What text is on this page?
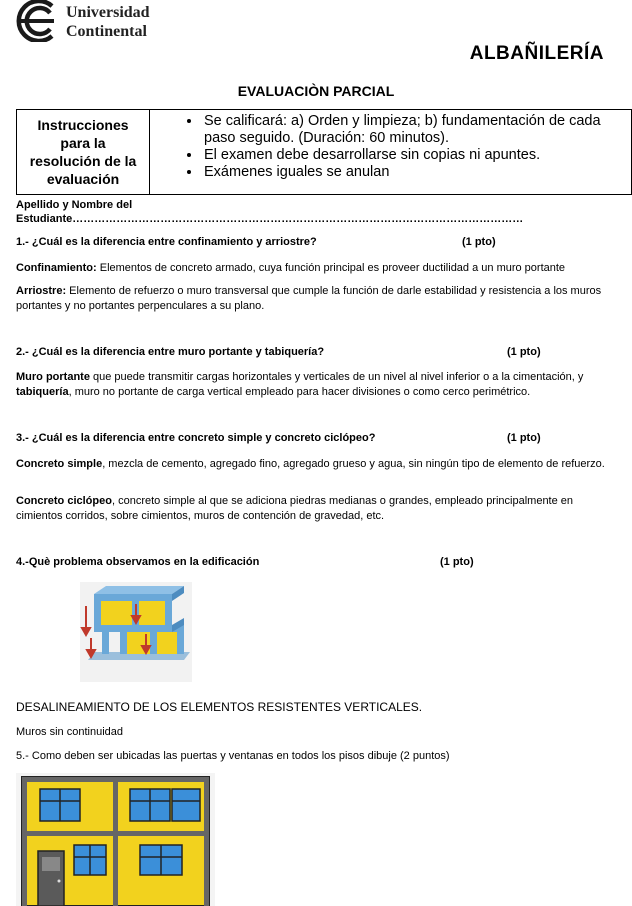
Universidad
Continental
ALBAÑILERÍA
EVALUACIÒN PARCIAL
Instrucciones para la resolución de la evaluación
• Se calificará: a) Orden y limpieza; b) fundamentación de cada paso seguido. (Duración: 60 minutos).
• El examen debe desarrollarse sin copias ni apuntes.
• Exámenes iguales se anulan
Apellido y Nombre del
Estudiante……………………………………………………………………………………………………………
1.- ¿Cuál es la diferencia entre confinamiento y arriostre?	(1 pto)
Confinamiento: Elementos de concreto armado, cuya función principal es proveer ductilidad a un muro portante
Arriostre: Elemento de refuerzo o muro transversal que cumple la función de darle estabilidad y resistencia a los muros portantes y no portantes perpenculares a su plano.
2.- ¿Cuál es la diferencia entre muro portante y tabiquería?	(1 pto)
Muro portante que puede transmitir cargas horizontales y verticales de un nivel al nivel inferior o a la cimentación, y tabiquería, muro no portante de carga vertical empleado para hacer divisiones o como cerco perimétrico.
3.- ¿Cuál es la diferencia entre concreto simple y concreto ciclópeo?	(1 pto)
Concreto simple, mezcla de cemento, agregado fino, agregado grueso y agua, sin ningún tipo de elemento de refuerzo.
Concreto ciclópeo, concreto simple al que se adiciona piedras medianas o grandes, empleado principalmente en cimientos corridos, sobre cimientos, muros de contención de gravedad, etc.
4.-Què problema observamos en la edificación	(1 pto)
DESALINEAMIENTO DE LOS ELEMENTOS RESISTENTES VERTICALES.
Muros sin continuidad
5.- Como deben ser ubicadas las puertas y ventanas en todos los pisos dibuje (2 puntos)
